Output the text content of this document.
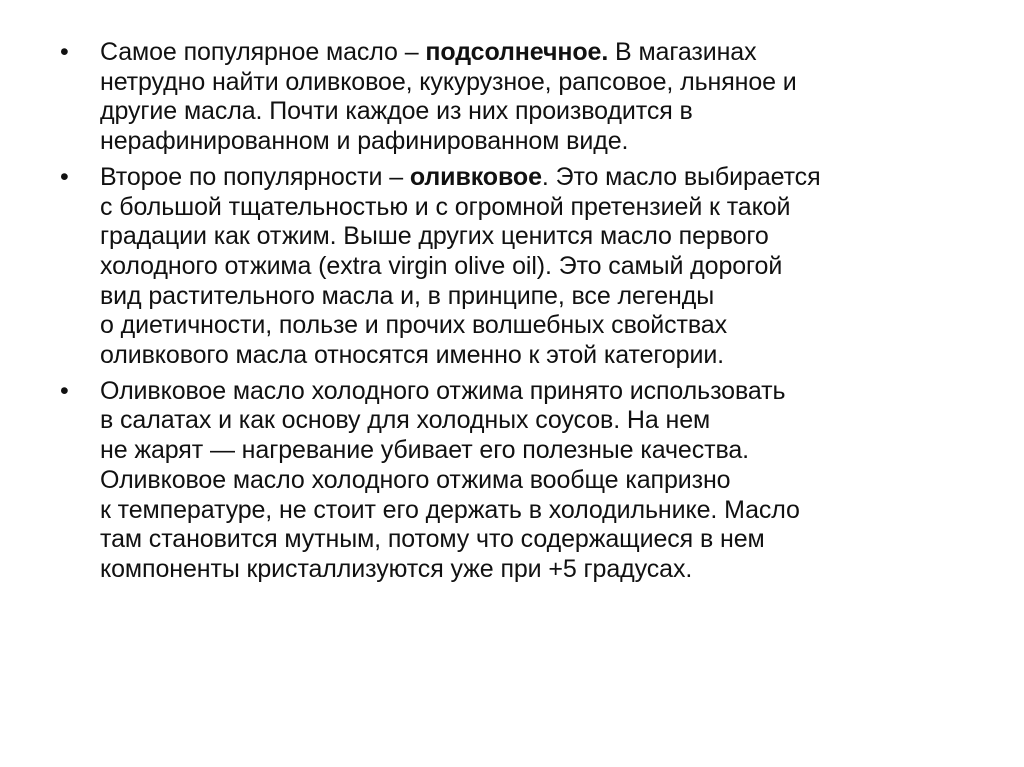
•	Самое популярное масло – подсолнечное. В магазинах
нетрудно найти оливковое, кукурузное, рапсовое, льняное и
другие масла. Почти каждое из них производится в
нерафинированном и рафинированном виде.
•	Второе по популярности – оливковое. Это масло выбирается
с большой тщательностью и с огромной претензией к такой
градации как отжим. Выше других ценится масло первого
холодного отжима (extra virgin olive oil). Это самый дорогой
вид растительного масла и, в принципе, все легенды
о диетичности, пользе и прочих волшебных свойствах
оливкового масла относятся именно к этой категории.
•	Оливковое масло холодного отжима принято использовать
в салатах и как основу для холодных соусов. На нем
не жарят — нагревание убивает его полезные качества.
Оливковое масло холодного отжима вообще капризно
к температуре, не стоит его держать в холодильнике. Масло
там становится мутным, потому что содержащиеся в нем
компоненты кристаллизуются уже при +5 градусах.
